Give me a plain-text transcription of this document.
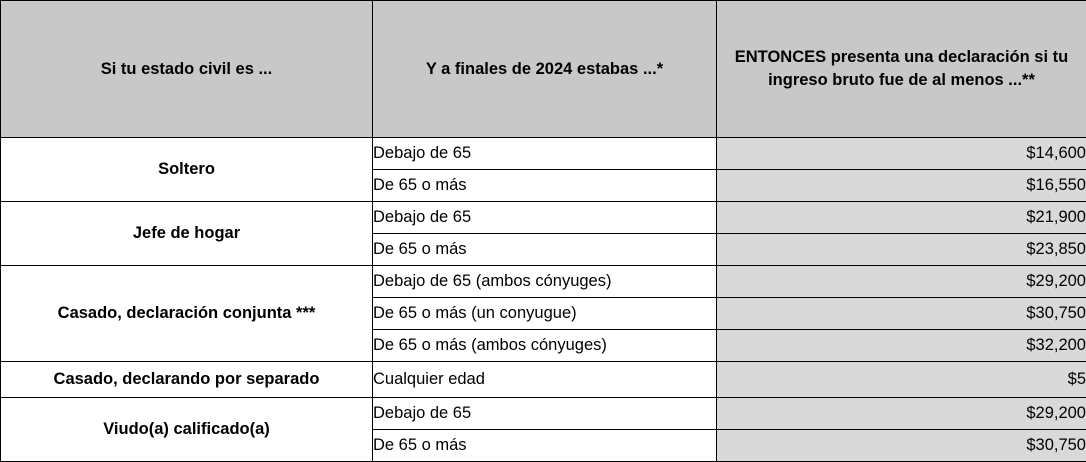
Si tu estado civil es ...	Y a finales de 2024 estabas ...*	ENTONCES presenta una declaración si tu ingreso bruto fue de al menos ...**
Soltero	Debajo de 65	$14,600
	De 65 o más	$16,550
Jefe de hogar	Debajo de 65	$21,900
	De 65 o más	$23,850
Casado, declaración conjunta ***	Debajo de 65 (ambos cónyuges)	$29,200
	De 65 o más (un conyugue)	$30,750
	De 65 o más (ambos cónyuges)	$32,200
Casado, declarando por separado	Cualquier edad	$5
Viudo(a) calificado(a)	Debajo de 65	$29,200
	De 65 o más	$30,750
